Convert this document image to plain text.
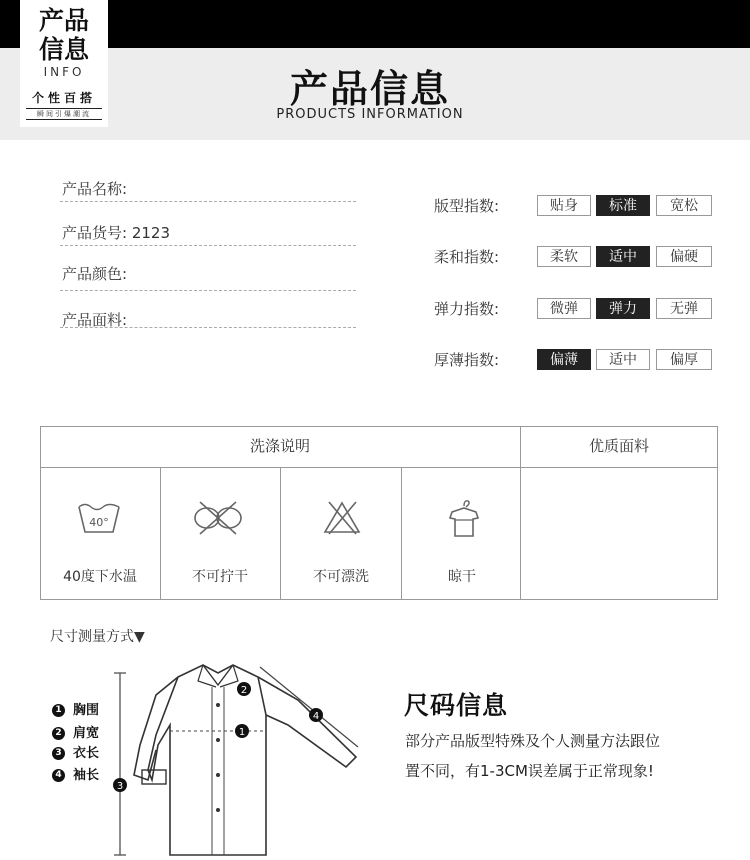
产品
信息
INFO
个性百搭
瞬间引爆潮流
产品信息
PRODUCTS INFORMATION
产品名称:
产品货号: 2123
产品颜色:
产品面料:
版型指数:	贴身	标准	宽松
柔和指数:	柔软	适中	偏硬
弹力指数:	微弹	弹力	无弹
厚薄指数:	偏薄	适中	偏厚
洗涤说明	优质面料
40°
40度下水温	不可拧干	不可漂洗	晾干
尺寸测量方式▼
1 胸围
2 肩宽
3 衣长
4 袖长
1
2
3
4	尺码信息
部分产品版型特殊及个人测量方法跟位
置不同，有1-3CM误差属于正常现象!
